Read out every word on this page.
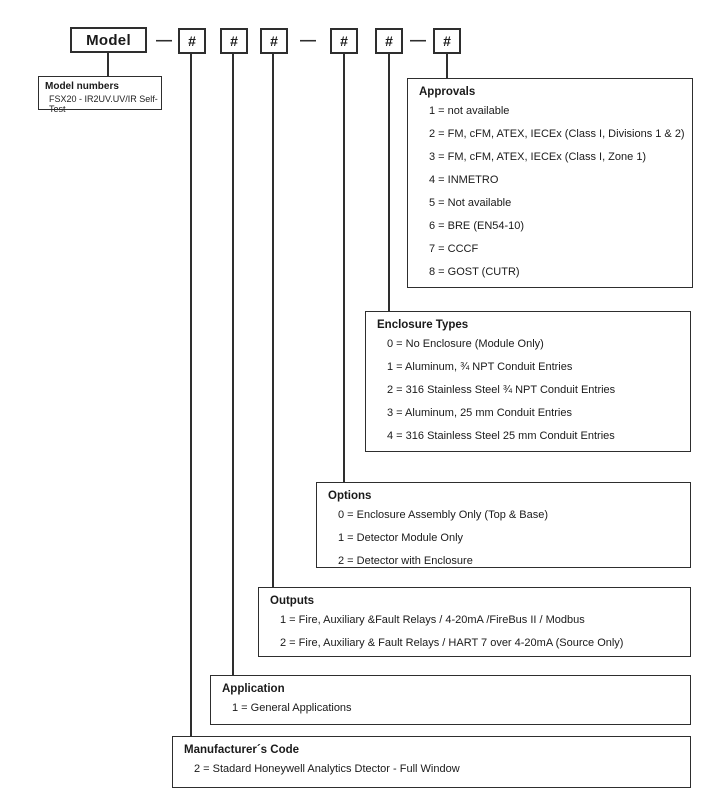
Model	—	#	#	#	—	#	#	—	#
Model numbers
FSX20 - IR2UV.UV/IR Self-Test
Approvals
1 = not available
2 = FM, cFM, ATEX, IECEx (Class I, Divisions 1 & 2)
3 = FM, cFM, ATEX, IECEx (Class I, Zone 1)
4 = INMETRO
5 = Not available
6 = BRE (EN54-10)
7 = CCCF
8 = GOST (CUTR)
Enclosure Types
0 = No Enclosure (Module Only)
1 = Aluminum, ¾ NPT Conduit Entries
2 = 316 Stainless Steel ¾ NPT Conduit Entries
3 = Aluminum, 25 mm Conduit Entries
4 = 316 Stainless Steel 25 mm Conduit Entries
Options
0 = Enclosure Assembly Only (Top & Base)
1 = Detector Module Only
2 = Detector with Enclosure
Outputs
1 = Fire, Auxiliary &Fault Relays / 4-20mA /FireBus II / Modbus
2 = Fire, Auxiliary & Fault Relays / HART 7 over 4-20mA (Source Only)
Application
1 = General Applications
Manufacturer´s Code
2 = Stadard Honeywell Analytics Dtector - Full Window
